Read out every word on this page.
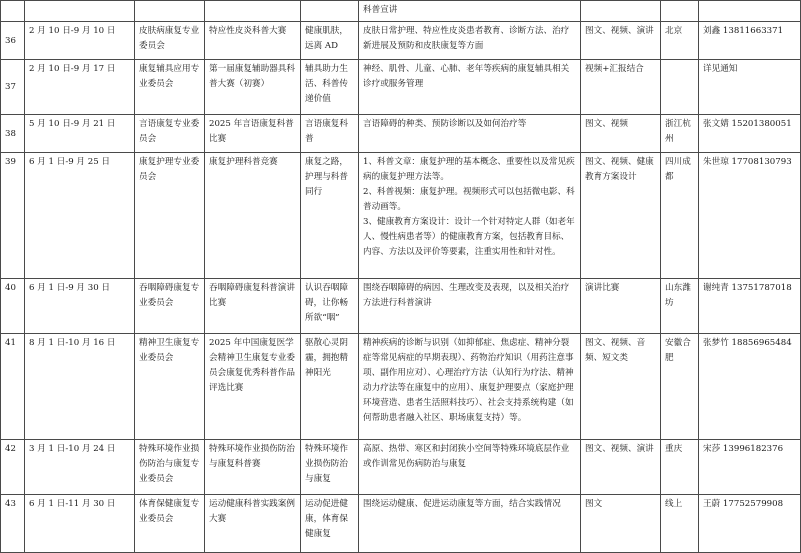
					科普宣讲			
36	2 月 10 日-9 月 10 日	皮肤病康复专业委员会	特应性皮炎科普大赛	健康肌肤，远离 AD	皮肤日常护理、特应性皮炎患者教育、诊断方法、治疗新进展及预防和皮肤康复等方面	图文、视频、演讲	北京	刘鑫 13811663371
37	2 月 10 日-9 月 17 日	康复辅具应用专业委员会	第一届康复辅助器具科普大赛（初赛）	辅具助力生活、科普传递价值	神经、肌骨、儿童、心肺、老年等疾病的康复辅具相关诊疗或服务管理	视频+汇报结合		详见通知
38	5 月 10 日-9 月 21 日	言语康复专业委员会	2025 年言语康复科普比赛	言语康复科普	言语障碍的种类、预防诊断以及如何治疗等	图文、视频	浙江杭州	张文婧 15201380051
39	6 月 1 日-9 月 25 日	康复护理专业委员会	康复护理科普竞赛	康复之路，护理与科普同行	1、科普文章：康复护理的基本概念、重要性以及常见疾病的康复护理方法等。
2、科普视频：康复护理。视频形式可以包括微电影、科普动画等。
3、健康教育方案设计：设计一个针对特定人群（如老年人、慢性病患者等）的健康教育方案，包括教育目标、内容、方法以及评价等要素，注重实用性和针对性。	图文、视频、健康教育方案设计	四川成都	朱世琼 17708130793
40	6 月 1 日-9 月 30 日	吞咽障碍康复专业委员会	吞咽障碍康复科普演讲比赛	认识吞咽障碍，让你畅所欲“咽”	围绕吞咽障碍的病因、生理改变及表现，以及相关治疗方法进行科普演讲	演讲比赛	山东潍坊	谢纯青 13751787018
41	8 月 1 日-10 月 16 日	精神卫生康复专业委员会	2025 年中国康复医学会精神卫生康复专业委员会康复优秀科普作品评选比赛	驱散心灵阴霾，拥抱精神阳光	精神疾病的诊断与识别（如抑郁症、焦虑症、精神分裂症等常见病症的早期表现）、药物治疗知识（用药注意事项、副作用应对）、心理治疗方法（认知行为疗法、精神动力疗法等在康复中的应用）、康复护理要点（家庭护理环境营造、患者生活照料技巧）、社会支持系统构建（如何帮助患者融入社区、职场康复支持）等。	图文、视频、音频、短文类	安徽合肥	张梦竹 18856965484
42	3 月 1 日-10 月 24 日	特殊环境作业损伤防治与康复专业委员会	特殊环境作业损伤防治与康复科普赛	特殊环境作业损伤防治与康复	高原、热带、寒区和封闭狭小空间等特殊环境底层作业或作训常见伤病防治与康复	图文、视频、演讲	重庆	宋莎 13996182376
43	6 月 1 日-11 月 30 日	体育保健康复专业委员会	运动健康科普实践案例大赛	运动促进健康，体育保健康复	围绕运动健康、促进运动康复等方面，结合实践情况	图文	线上	王蔚 17752579908
